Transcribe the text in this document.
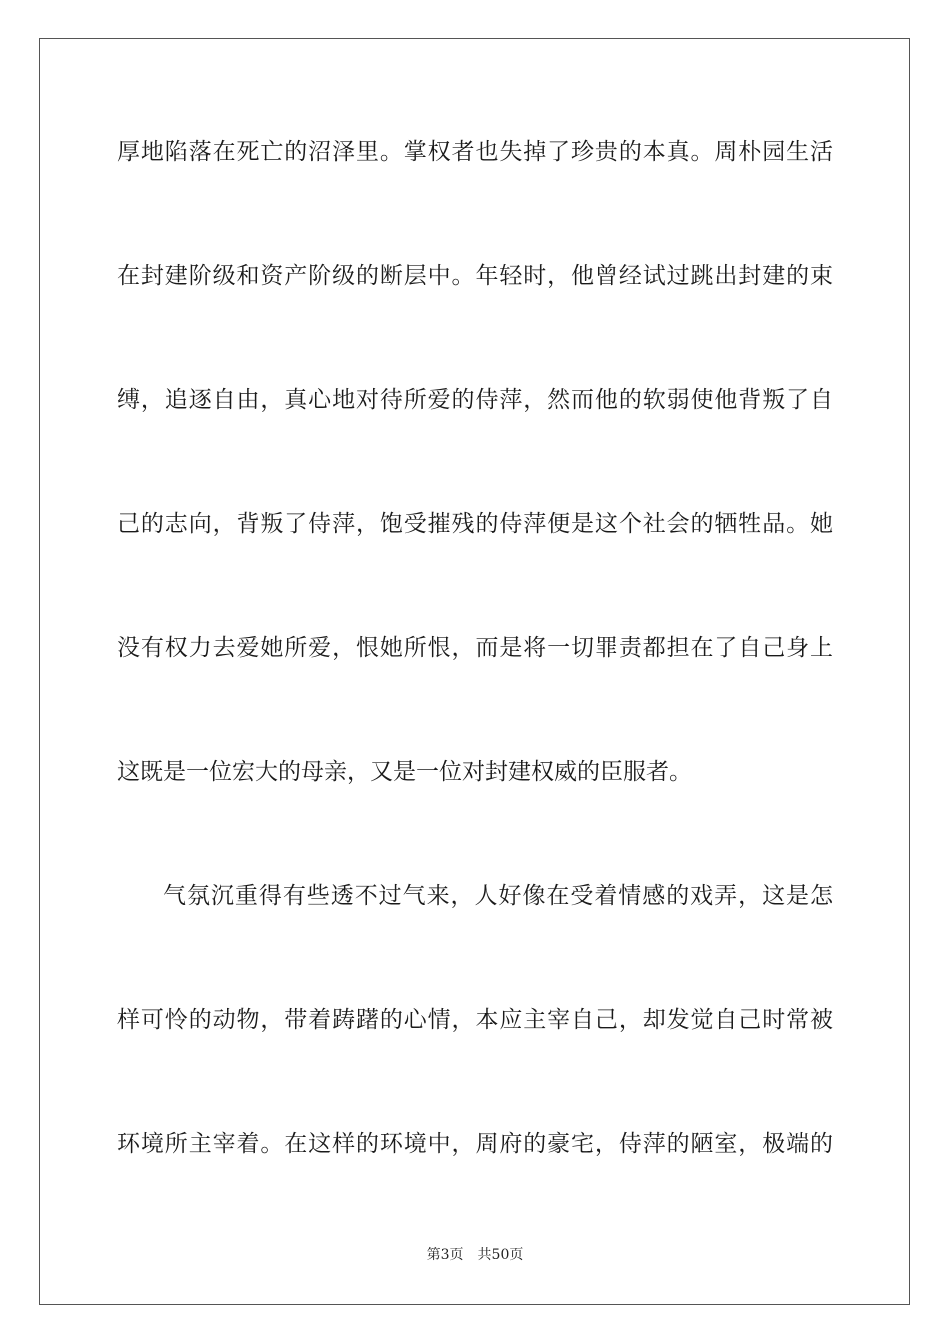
厚地陷落在死亡的沼泽里。掌权者也失掉了珍贵的本真。周朴园生活
在封建阶级和资产阶级的断层中。年轻时，他曾经试过跳出封建的束
缚，追逐自由，真心地对待所爱的侍萍，然而他的软弱使他背叛了自
己的志向，背叛了侍萍，饱受摧残的侍萍便是这个社会的牺牲品。她
没有权力去爱她所爱，恨她所恨，而是将一切罪责都担在了自己身上
这既是一位宏大的母亲，又是一位对封建权威的臣服者。
气氛沉重得有些透不过气来，人好像在受着情感的戏弄，这是怎
样可怜的动物，带着踌躇的心情，本应主宰自己，却发觉自己时常被
环境所主宰着。在这样的环境中，周府的豪宅，侍萍的陋室，极端的
第3页 共50页
